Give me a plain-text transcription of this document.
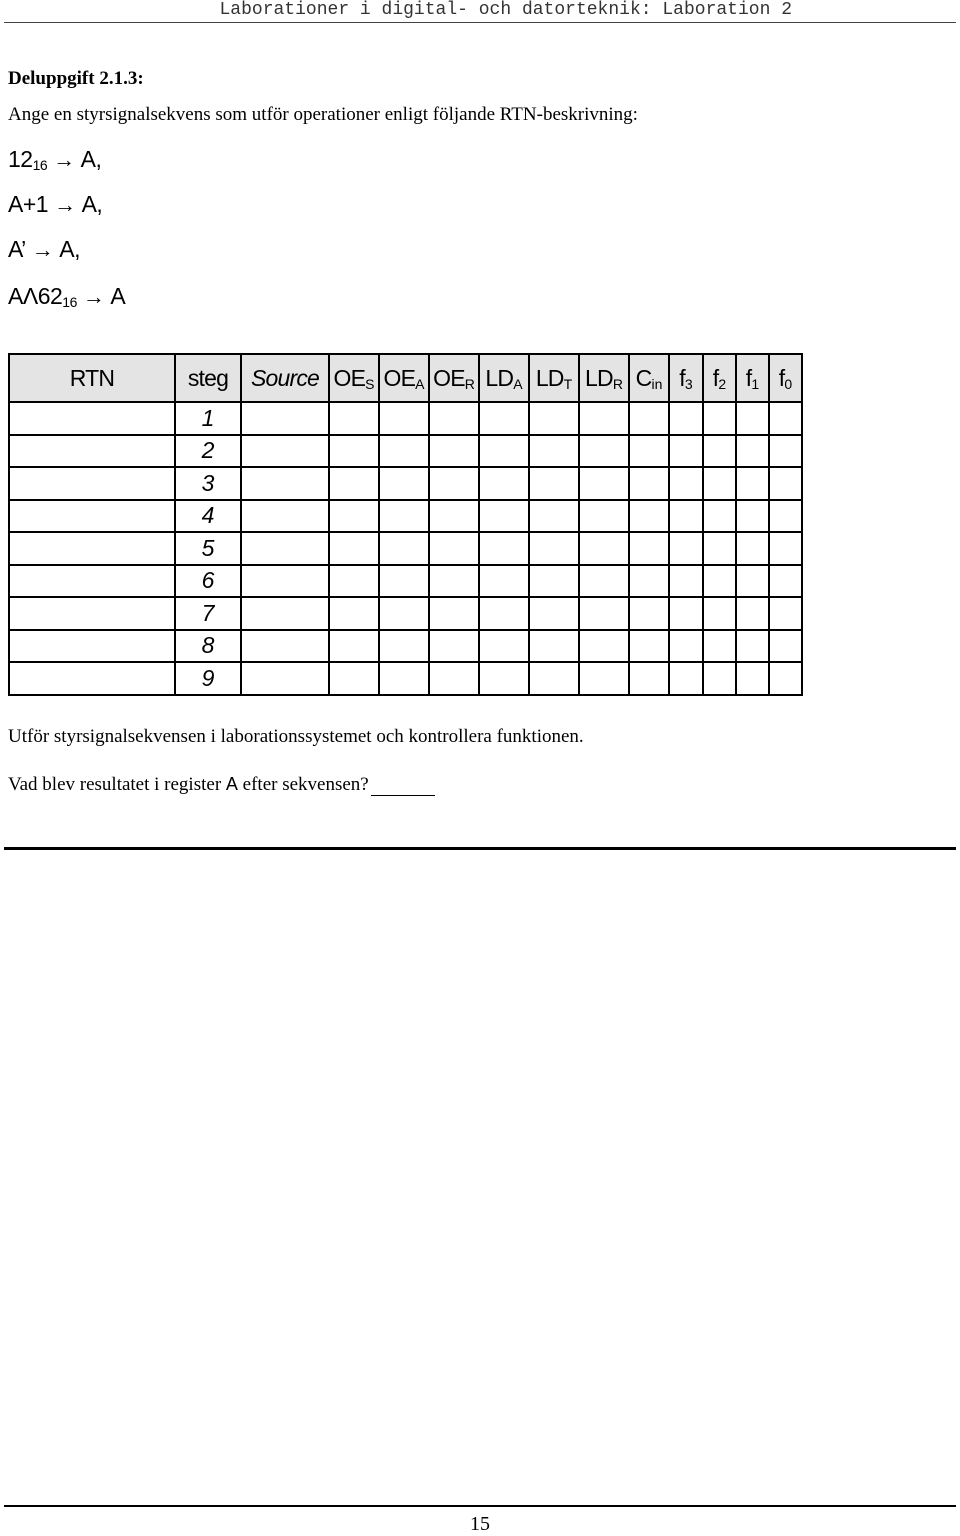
Laborationer i digital- och datorteknik: Laboration 2
Deluppgift 2.1.3:
Ange en styrsignalsekvens som utför operationer enligt följande RTN-beskrivning:
$12_{16} \to A$,
A+1 → A,
A’ → A,
$A\Lambda 62_{16} \to A$
RTN	steg	Source	$OE_S$	$OE_A$	$OE_R$	$LD_A$	$LD_T$	$LD_R$	$C_{in}$	$f_3$	$f_2$	$f_1$	$f_0$
	1												
	2												
	3												
	4												
	5												
	6												
	7												
	8												
	9												
Utför styrsignalsekvensen i laborationssystemet och kontrollera funktionen.
Vad blev resultatet i register A efter sekvensen?
15
